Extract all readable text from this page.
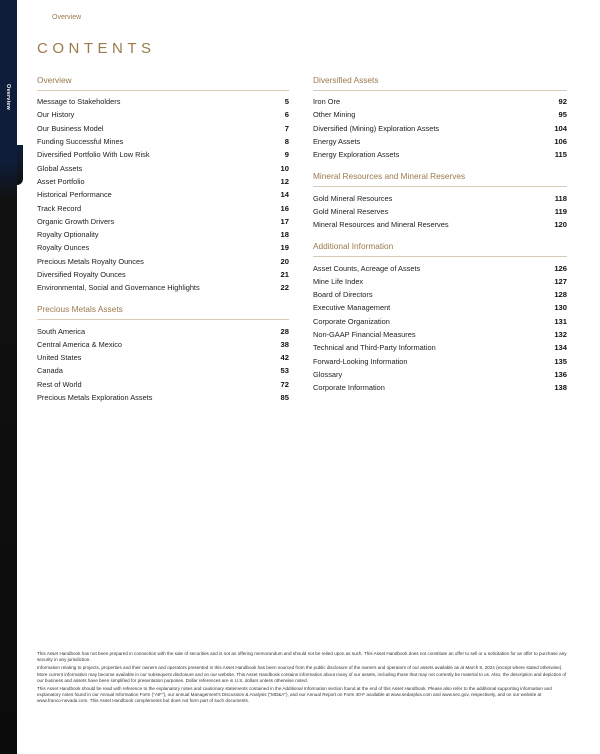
Overview
Overview
CONTENTS
Overview
Message to Stakeholders	5
Our History	6
Our Business Model	7
Funding Successful Mines	8
Diversified Portfolio With Low Risk	9
Global Assets	10
Asset Portfolio	12
Historical Performance	14
Track Record	16
Organic Growth Drivers	17
Royalty Optionality	18
Royalty Ounces	19
Precious Metals Royalty Ounces	20
Diversified Royalty Ounces	21
Environmental, Social and Governance Highlights	22
Precious Metals Assets
South America	28
Central America & Mexico	38
United States	42
Canada	53
Rest of World	72
Precious Metals Exploration Assets	85
Diversified Assets
Iron Ore	92
Other Mining	95
Diversified (Mining) Exploration Assets	104
Energy Assets	106
Energy Exploration Assets	115
Mineral Resources and Mineral Reserves
Gold Mineral Resources	118
Gold Mineral Reserves	119
Mineral Resources and Mineral Reserves	120
Additional Information
Asset Counts, Acreage of Assets	126
Mine Life Index	127
Board of Directors	128
Executive Management	130
Corporate Organization	131
Non-GAAP Financial Measures	132
Technical and Third-Party Information	134
Forward-Looking Information	135
Glossary	136
Corporate Information	138

This Asset Handbook has not been prepared in connection with the sale of securities and is not an offering memorandum and should not be relied upon as such. This Asset Handbook does not constitute an offer to sell or a solicitation for an offer to purchase any security in any jurisdiction.

Information relating to projects, properties and their owners and operators presented in this Asset Handbook has been sourced from the public disclosure of the owners and operators of our assets available as at March 8, 2024 (except where stated otherwise). More current information may become available in our subsequent disclosure and on our website. This Asset Handbook contains information about many of our assets, including those that may not currently be material to us. Also, the description and depiction of our business and assets have been simplified for presentation purposes. Dollar references are in U.S. dollars unless otherwise noted.

This Asset Handbook should be read with reference to the explanatory notes and cautionary statements contained in the Additional Information section found at the end of this Asset Handbook. Please also refer to the additional supporting information and explanatory notes found in our Annual Information Form ("AIF"), our annual Management's Discussion & Analysis ("MD&A"), and our Annual Report on Form 40-F available at www.sedarplus.com and www.sec.gov, respectively, and on our website at www.franco-nevada.com. This Asset Handbook complements but does not form part of such documents.
